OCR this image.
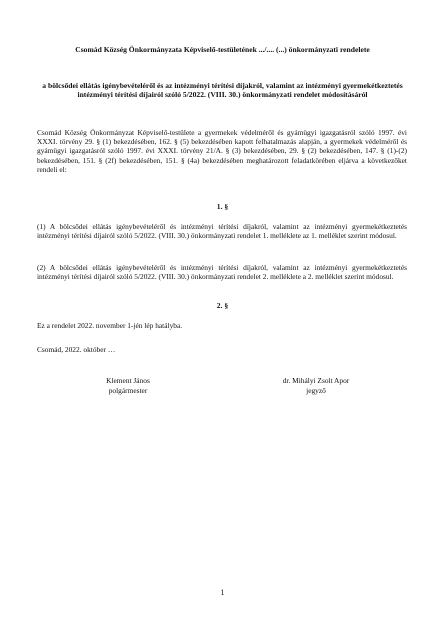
Csomád Község Önkormányzata Képviselő-testületének .../.... (...) önkormányzati rendelete
a bölcsődei ellátás igénybevételéről és az intézményi térítési díjakról, valamint az intézményi gyermekétkeztetés intézményi térítési díjairól szóló 5/2022. (VIII. 30.) önkormányzati rendelet módosításáról
Csomád Község Önkormányzat Képviselő-testülete a gyermekek védelméről és gyámügyi igazgatásról szóló 1997. évi XXXI. törvény 29. § (1) bekezdésében, 162. § (5) bekezdésében kapott felhatalmazás alapján, a gyermekek védelméről és gyámügyi igazgatásról szóló 1997. évi XXXI. törvény 21/A. § (3) bekezdésében, 29. § (2) bekezdésében, 147. § (1)-(2) bekezdésében, 151. § (2f) bekezdésében, 151. § (4a) bekezdésében meghatározott feladatkörében eljárva a következőket rendeli el:
1. §
(1) A bölcsődei ellátás igénybevételéről és intézményi térítési díjakról, valamint az intézményi gyermekétkeztetés intézményi térítési díjairól szóló 5/2022. (VIII. 30.) önkormányzati rendelet 1. melléklete az 1. melléklet szerint módosul.
(2) A bölcsődei ellátás igénybevételéről és intézményi térítési díjakról, valamint az intézményi gyermekétkeztetés intézményi térítési díjairól szóló 5/2022. (VIII. 30.) önkormányzati rendelet 2. melléklete a 2. melléklet szerint módosul.
2. §
Ez a rendelet 2022. november 1-jén lép hatályba.
Csomád, 2022. október …
Klement János
polgármester
dr. Mihályi Zsolt Apor
jegyző
1
